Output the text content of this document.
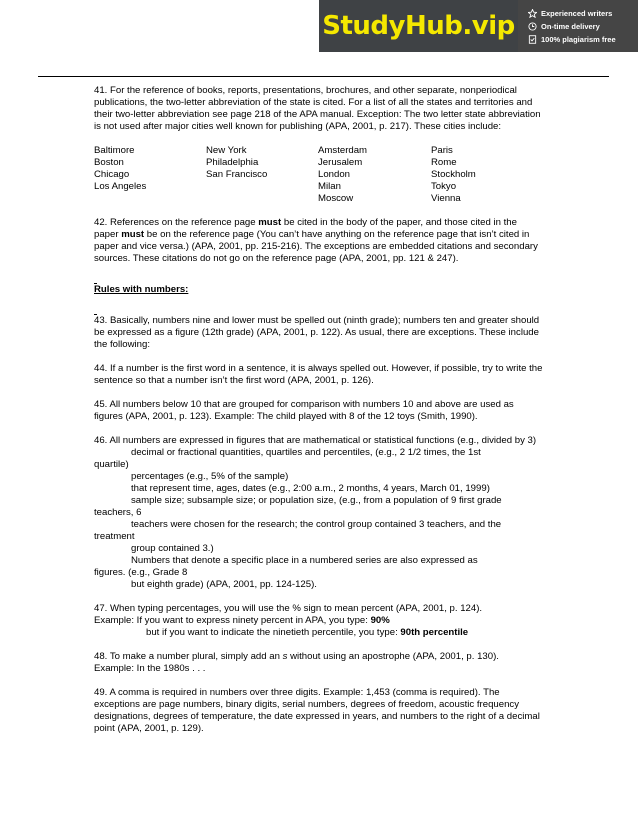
StudyHub.vip	Experienced writers
On-time delivery
100% plagiarism free

41. For the reference of books, reports, presentations, brochures, and other separate, nonperiodical publications, the two-letter abbreviation of the state is cited. For a list of all the states and territories and their two-letter abbreviation see page 218 of the APA manual. Exception: The two letter state abbreviation is not used after major cities well known for publishing (APA, 2001, p. 217). These cities include:

Baltimore
Boston
Chicago
Los Angeles
New York
Philadelphia
San Francisco
Amsterdam
Jerusalem
London
Milan
Moscow
Paris
Rome
Stockholm
Tokyo
Vienna

42. References on the reference page must be cited in the body of the paper, and those cited in the paper must be on the reference page (You can’t have anything on the reference page that isn’t cited in paper and vice versa.) (APA, 2001, pp. 215-216). The exceptions are embedded citations and secondary sources. These citations do not go on the reference page (APA, 2001, pp. 121 & 247).

Rules with numbers:

43. Basically, numbers nine and lower must be spelled out (ninth grade); numbers ten and greater should be expressed as a figure (12th grade) (APA, 2001, p. 122). As usual, there are exceptions. These include the following:

44. If a number is the first word in a sentence, it is always spelled out. However, if possible, try to write the sentence so that a number isn’t the first word (APA, 2001, p. 126).

45. All numbers below 10 that are grouped for comparison with numbers 10 and above are used as figures (APA, 2001, p. 123). Example: The child played with 8 of the 12 toys (Smith, 1990).

46. All numbers are expressed in figures that are mathematical or statistical functions (e.g., divided by 3)
decimal or fractional quantities, quartiles and percentiles, (e.g., 2 1/2 times, the 1st
quartile)
percentages (e.g., 5% of the sample)
that represent time, ages, dates (e.g., 2:00 a.m., 2 months, 4 years, March 01, 1999)
sample size; subsample size; or population size, (e.g., from a population of 9 first grade
teachers, 6
teachers were chosen for the research; the control group contained 3 teachers, and the
treatment
group contained 3.)
Numbers that denote a specific place in a numbered series are also expressed as
figures. (e.g., Grade 8
but eighth grade) (APA, 2001, pp. 124-125).
47. When typing percentages, you will use the % sign to mean percent (APA, 2001, p. 124).
Example: If you want to express ninety percent in APA, you type: 90%
but if you want to indicate the ninetieth percentile, you type: 90th percentile
48. To make a number plural, simply add an s without using an apostrophe (APA, 2001, p. 130).
Example: In the 1980s . . .

49. A comma is required in numbers over three digits. Example: 1,453 (comma is required). The exceptions are page numbers, binary digits, serial numbers, degrees of freedom, acoustic frequency designations, degrees of temperature, the date expressed in years, and numbers to the right of a decimal point (APA, 2001, p. 129).
